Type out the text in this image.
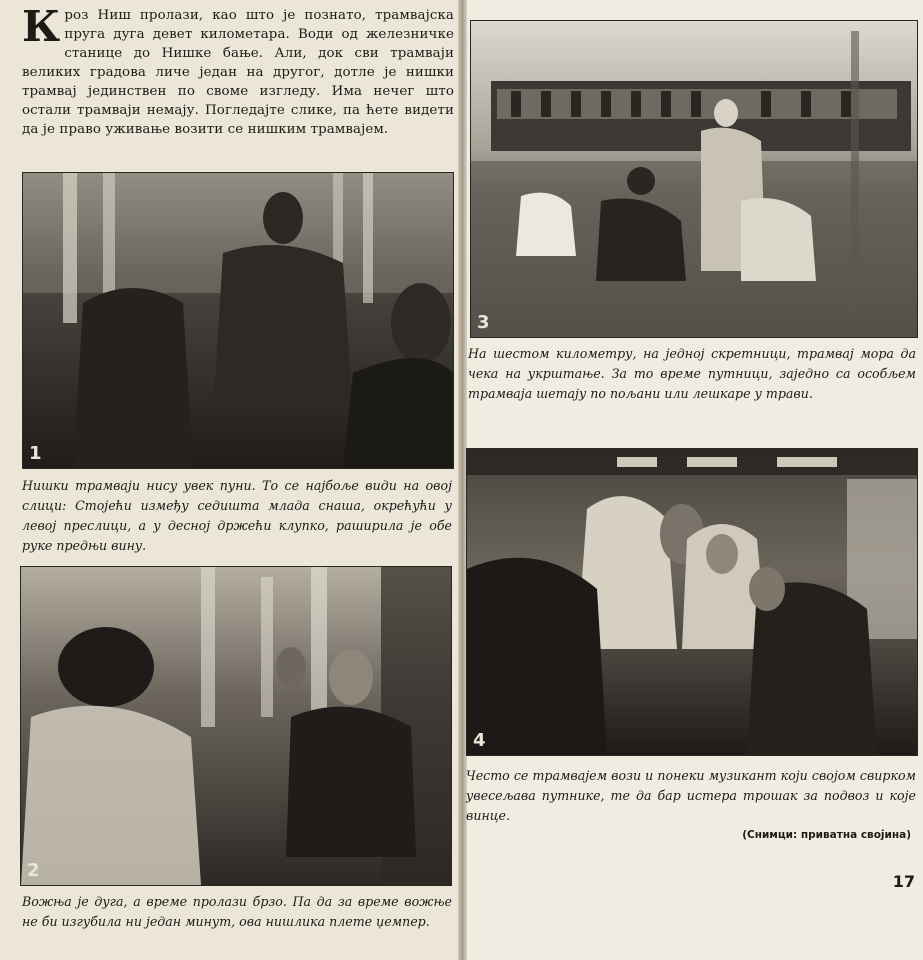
Кроз Ниш пролази, као што је познато, трамвајска пруга дуга девет километара. Води од железничке станице до Нишке бање. Али, док сви трамваји великих градова личе један на другог, дотле је нишки трамвај јединствен по своме изгледу. Има нечег што остали трамваји немају. Погледајте слике, па ћете видети да је право уживање возити се нишким трамвајем.
1
Нишки трамваји нису увек пуни. То се најбоље види на овој слици: Стојећи између седишта млада снаша, окрећући у левој преслици, а у десној држећи клупко, раширила је обе руке предњи вину.
2
Вожња је дуга, а време пролази брзо. Па да за време вожње не би изгубила ни један минут, ова нишлика плете џемпер.
3
На шестом километру, на једној скретници, трамвај мора да чека на укрштање. За то време путници, заједно са особљем трамваја шетају по пољани или лешкаре у трави.
4
Често се трамвајем вози и понеки музикант који својом свирком увесељава путнике, те да бар истера трошак за подвоз и које винце.
(Снимци: приватна својина)
17
